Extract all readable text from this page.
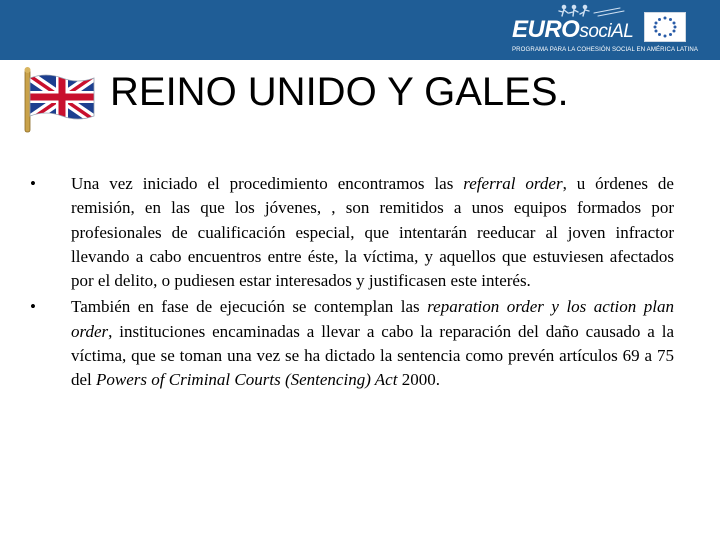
EUROsociAL
PROGRAMA PARA LA COHESIÓN SOCIAL EN AMÉRICA LATINA
REINO UNIDO Y GALES.
• Una vez iniciado el procedimiento encontramos las referral order, u órdenes de remisión, en las que los jóvenes, , son remitidos a unos equipos formados por profesionales de cualificación especial, que intentarán reeducar al joven infractor llevando a cabo encuentros entre éste, la víctima, y aquellos que estuviesen afectados por el delito, o pudiesen estar interesados y justificasen este interés.
• También en fase de ejecución se contemplan las reparation order y los action plan order, instituciones encaminadas a llevar a cabo la reparación del daño causado a la víctima, que se toman una vez se ha dictado la sentencia como prevén artículos 69 a 75 del Powers of Criminal Courts (Sentencing) Act 2000.
